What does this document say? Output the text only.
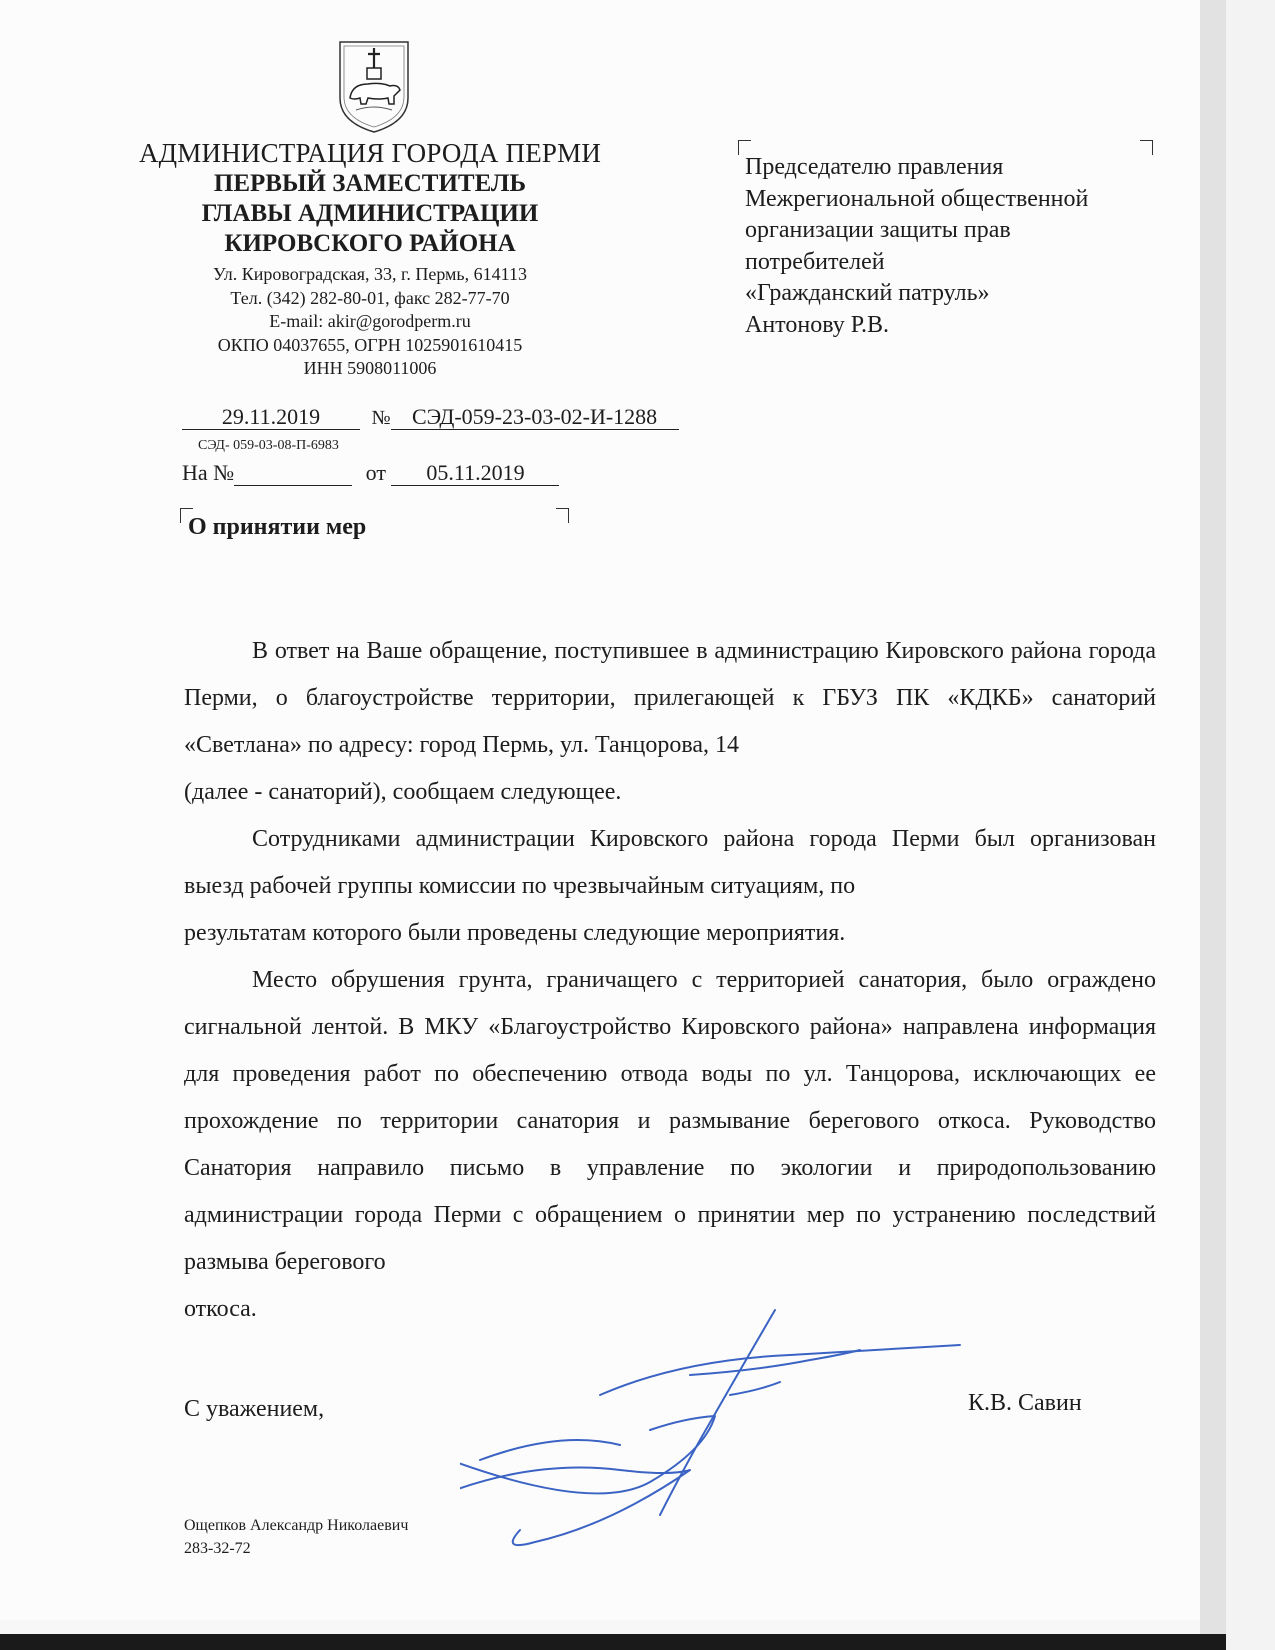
АДМИНИСТРАЦИЯ ГОРОДА ПЕРМИ
ПЕРВЫЙ ЗАМЕСТИТЕЛЬ
ГЛАВЫ АДМИНИСТРАЦИИ
КИРОВСКОГО РАЙОНА
Ул. Кировоградская, 33, г. Пермь, 614113
Тел. (342) 282-80-01, факс 282-77-70
E-mail: akir@gorodperm.ru
ОКПО 04037655, ОГРН 1025901610415
ИНН 5908011006
Председателю правления
Межрегиональной общественной
организации защиты прав
потребителей
«Гражданский патруль»
Антонову Р.В.
29.11.2019	№ СЭД-059-23-03-02-И-1288
СЭД- 059-03-08-П-6983
На №	от 05.11.2019
О принятии мер

В ответ на Ваше обращение, поступившее в администрацию Кировского района города Перми, о благоустройстве территории, прилегающей к ГБУЗ ПК «КДКБ» санаторий «Светлана» по адресу: город Пермь, ул. Танцорова, 14

(далее - санаторий), сообщаем следующее.

Сотрудниками администрации Кировского района города Перми был организован выезд рабочей группы комиссии по чрезвычайным ситуациям, по

результатам которого были проведены следующие мероприятия.

Место обрушения грунта, граничащего с территорией санатория, было ограждено сигнальной лентой. В МКУ «Благоустройство Кировского района» направлена информация для проведения работ по обеспечению отвода воды по ул. Танцорова, исключающих ее прохождение по территории санатория и размывание берегового откоса. Руководство Санатория направило письмо в управление по экологии и природопользованию администрации города Перми с обращением о принятии мер по устранению последствий размыва берегового

откоса.

С уважением,	К.В. Савин
Ощепков Александр Николаевич
283-32-72
